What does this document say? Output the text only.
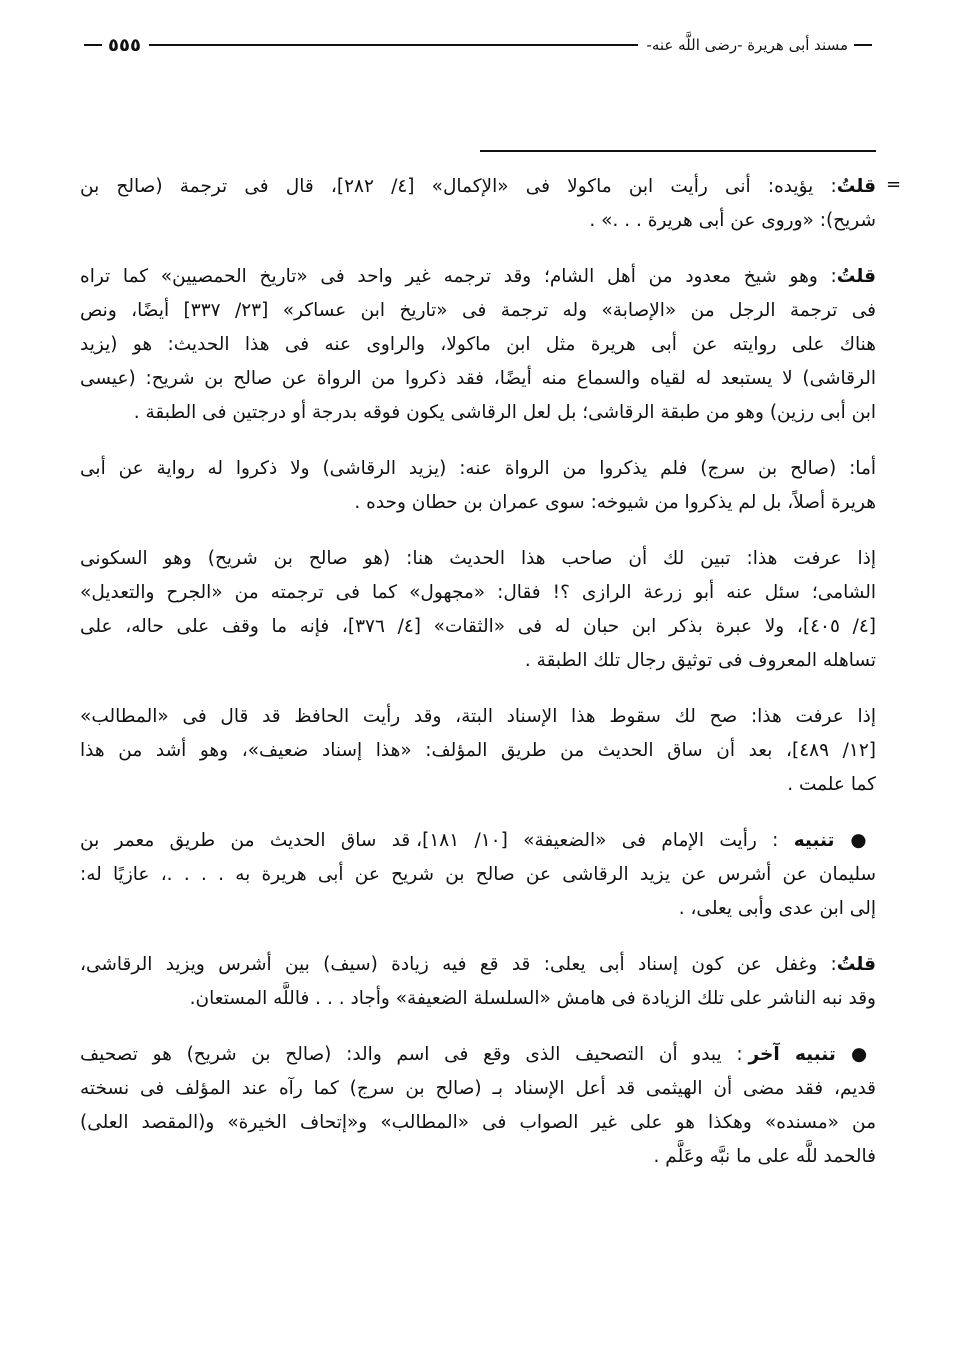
مسند أبى هريرة -رضى اللَّه عنه-
٥٥٥
=
قلتُ: يؤيده: أنى رأيت ابن ماكولا فى «الإكمال» [٤/ ٢٨٢]، قال فى ترجمة (صالح بن
شريح): «وروى عن أبى هريرة . . .» .
قلتُ: وهو شيخ معدود من أهل الشام؛ وقد ترجمه غير واحد فى «تاريخ الحمصيين» كما تراه
فى ترجمة الرجل من «الإصابة» وله ترجمة فى «تاريخ ابن عساكر» [٢٣/ ٣٣٧] أيضًا، ونص
هناك على روايته عن أبى هريرة مثل ابن ماكولا، والراوى عنه فى هذا الحديث: هو (يزيد
الرقاشى) لا يستبعد له لقياه والسماع منه أيضًا، فقد ذكروا من الرواة عن صالح بن شريح: (عيسى
ابن أبى رزين) وهو من طبقة الرقاشى؛ بل لعل الرقاشى يكون فوقه بدرجة أو درجتين فى الطبقة .
أما: (صالح بن سرج) فلم يذكروا من الرواة عنه: (يزيد الرقاشى) ولا ذكروا له رواية عن أبى
هريرة أصلاً، بل لم يذكروا من شيوخه: سوى عمران بن حطان وحده .
إذا عرفت هذا: تبين لك أن صاحب هذا الحديث هنا: (هو صالح بن شريح) وهو السكونى
الشامى؛ سئل عنه أبو زرعة الرازى ؟! فقال: «مجهول» كما فى ترجمته من «الجرح والتعديل»
[٤/ ٤٠٥]، ولا عبرة بذكر ابن حبان له فى «الثقات» [٤/ ٣٧٦]، فإنه ما وقف على حاله، على
تساهله المعروف فى توثيق رجال تلك الطبقة .
إذا عرفت هذا: صح لك سقوط هذا الإسناد البتة، وقد رأيت الحافظ قد قال فى «المطالب»
[١٢/ ٤٨٩]، بعد أن ساق الحديث من طريق المؤلف: «هذا إسناد ضعيف»، وهو أشد من هذا
كما علمت .
● تنبيه : رأيت الإمام فى «الضعيفة» [١٠/ ١٨١]، قد ساق الحديث من طريق معمر بن
سليمان عن أشرس عن يزيد الرقاشى عن صالح بن شريح عن أبى هريرة به . . . .، عازيًا له:
إلى ابن عدى وأبى يعلى، .
قلتُ: وغفل عن كون إسناد أبى يعلى: قد قع فيه زيادة (سيف) بين أشرس ويزيد الرقاشى،
وقد نبه الناشر على تلك الزيادة فى هامش «السلسلة الضعيفة» وأجاد . . . فاللَّه المستعان.
● تنبيه آخر : يبدو أن التصحيف الذى وقع فى اسم والد: (صالح بن شريح) هو تصحيف
قديم، فقد مضى أن الهيثمى قد أعل الإسناد بـ (صالح بن سرج) كما رآه عند المؤلف فى نسخته
من «مسنده» وهكذا هو على غير الصواب فى «المطالب» و«إتحاف الخيرة» و(المقصد العلى)
فالحمد للَّه على ما نبَّه وعَلَّم .
